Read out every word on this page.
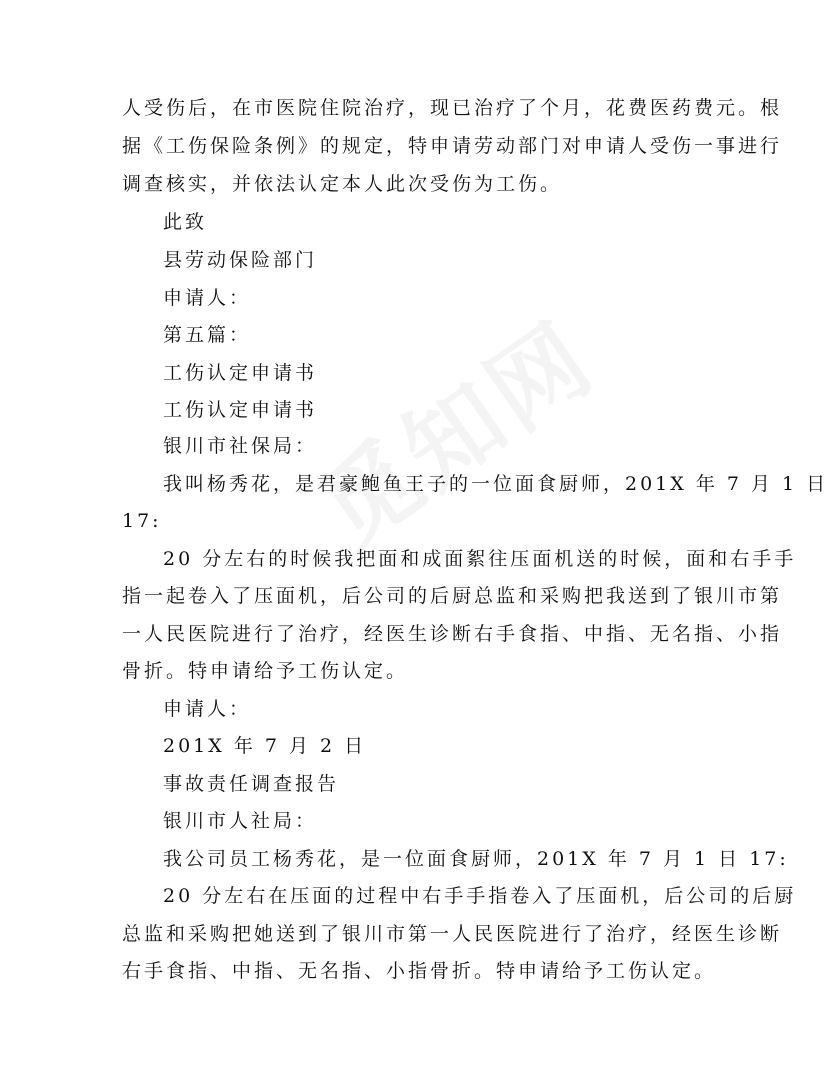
人受伤后，在市医院住院治疗，现已治疗了个月，花费医药费元。根
据《工伤保险条例》的规定，特申请劳动部门对申请人受伤一事进行
调查核实，并依法认定本人此次受伤为工伤。
此致
县劳动保险部门
申请人：
第五篇：
工伤认定申请书
工伤认定申请书
银川市社保局：
我叫杨秀花，是君豪鲍鱼王子的一位面食厨师，201X 年 7 月 1 日
17:
20 分左右的时候我把面和成面絮往压面机送的时候，面和右手手
指一起卷入了压面机，后公司的后厨总监和采购把我送到了银川市第
一人民医院进行了治疗，经医生诊断右手食指、中指、无名指、小指
骨折。特申请给予工伤认定。
申请人：
201X 年 7 月 2 日
事故责任调查报告
银川市人社局：
我公司员工杨秀花，是一位面食厨师，201X 年 7 月 1 日 17:
20 分左右在压面的过程中右手手指卷入了压面机，后公司的后厨
总监和采购把她送到了银川市第一人民医院进行了治疗，经医生诊断
右手食指、中指、无名指、小指骨折。特申请给予工伤认定。
